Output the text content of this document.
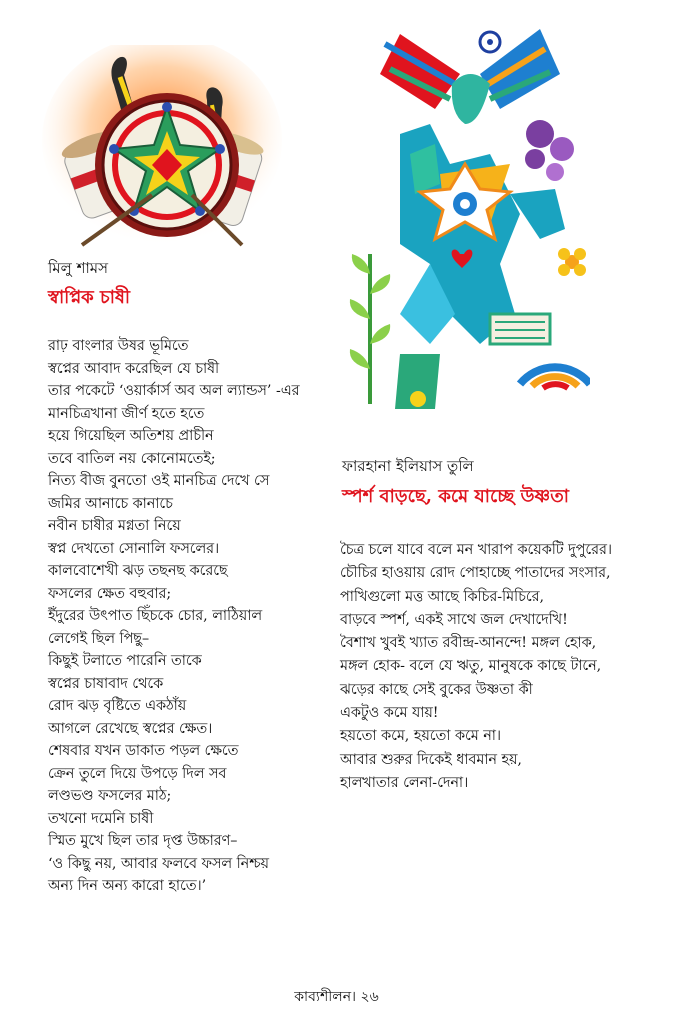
মিলু শামস
স্বাপ্নিক চাষী
রাঢ় বাংলার উষর ভূমিতে
স্বপ্নের আবাদ করেছিল যে চাষী
তার পকেটে ‘ওয়ার্কার্স অব অল ল্যান্ডস’ -এর
মানচিত্রখানা জীর্ণ হতে হতে
হয়ে গিয়েছিল অতিশয় প্রাচীন
তবে বাতিল নয় কোনোমতেই;
নিত্য বীজ বুনতো ওই মানচিত্র দেখে সে
জমির আনাচে কানাচে
নবীন চাষীর মগ্নতা নিয়ে
স্বপ্ন দেখতো সোনালি ফসলের।
কালবোশেখী ঝড় তছনছ করেছে
ফসলের ক্ষেত বহুবার;
ইঁদুরের উৎপাত ছিঁচকে চোর, লাঠিয়াল
লেগেই ছিল পিছু–
কিছুই টলাতে পারেনি তাকে
স্বপ্নের চাষাবাদ থেকে
রোদ ঝড় বৃষ্টিতে একঠাঁয়
আগলে রেখেছে স্বপ্নের ক্ষেত।
শেষবার যখন ডাকাত পড়ল ক্ষেতে
ক্রেন তুলে দিয়ে উপড়ে দিল সব
লণ্ডভণ্ড ফসলের মাঠ;
তখনো দমেনি চাষী
স্মিত মুখে ছিল তার দৃপ্ত উচ্চারণ–
‘ও কিছু নয়, আবার ফলবে ফসল নিশ্চয়
অন্য দিন অন্য কারো হাতে।’
ফারহানা ইলিয়াস তুলি
স্পর্শ বাড়ছে, কমে যাচ্ছে উষ্ণতা
চৈত্র চলে যাবে বলে মন খারাপ কয়েকটি দুপুরের।
চৌচির হাওয়ায় রোদ পোহাচ্ছে পাতাদের সংসার,
পাখিগুলো মত্ত আছে কিচির-মিচিরে,
বাড়বে স্পর্শ, একই সাথে জল দেখাদেখি!
বৈশাখ খুবই খ্যাত রবীন্দ্র-আনন্দে! মঙ্গল হোক,
মঙ্গল হোক- বলে যে ঋতু, মানুষকে কাছে টানে,
ঝড়ের কাছে সেই বুকের উষ্ণতা কী
একটুও কমে যায়!
হয়তো কমে, হয়তো কমে না।
আবার শুরুর দিকেই ধাবমান হয়,
হালখাতার লেনা-দেনা।
কাব্যশীলন। ২৬
